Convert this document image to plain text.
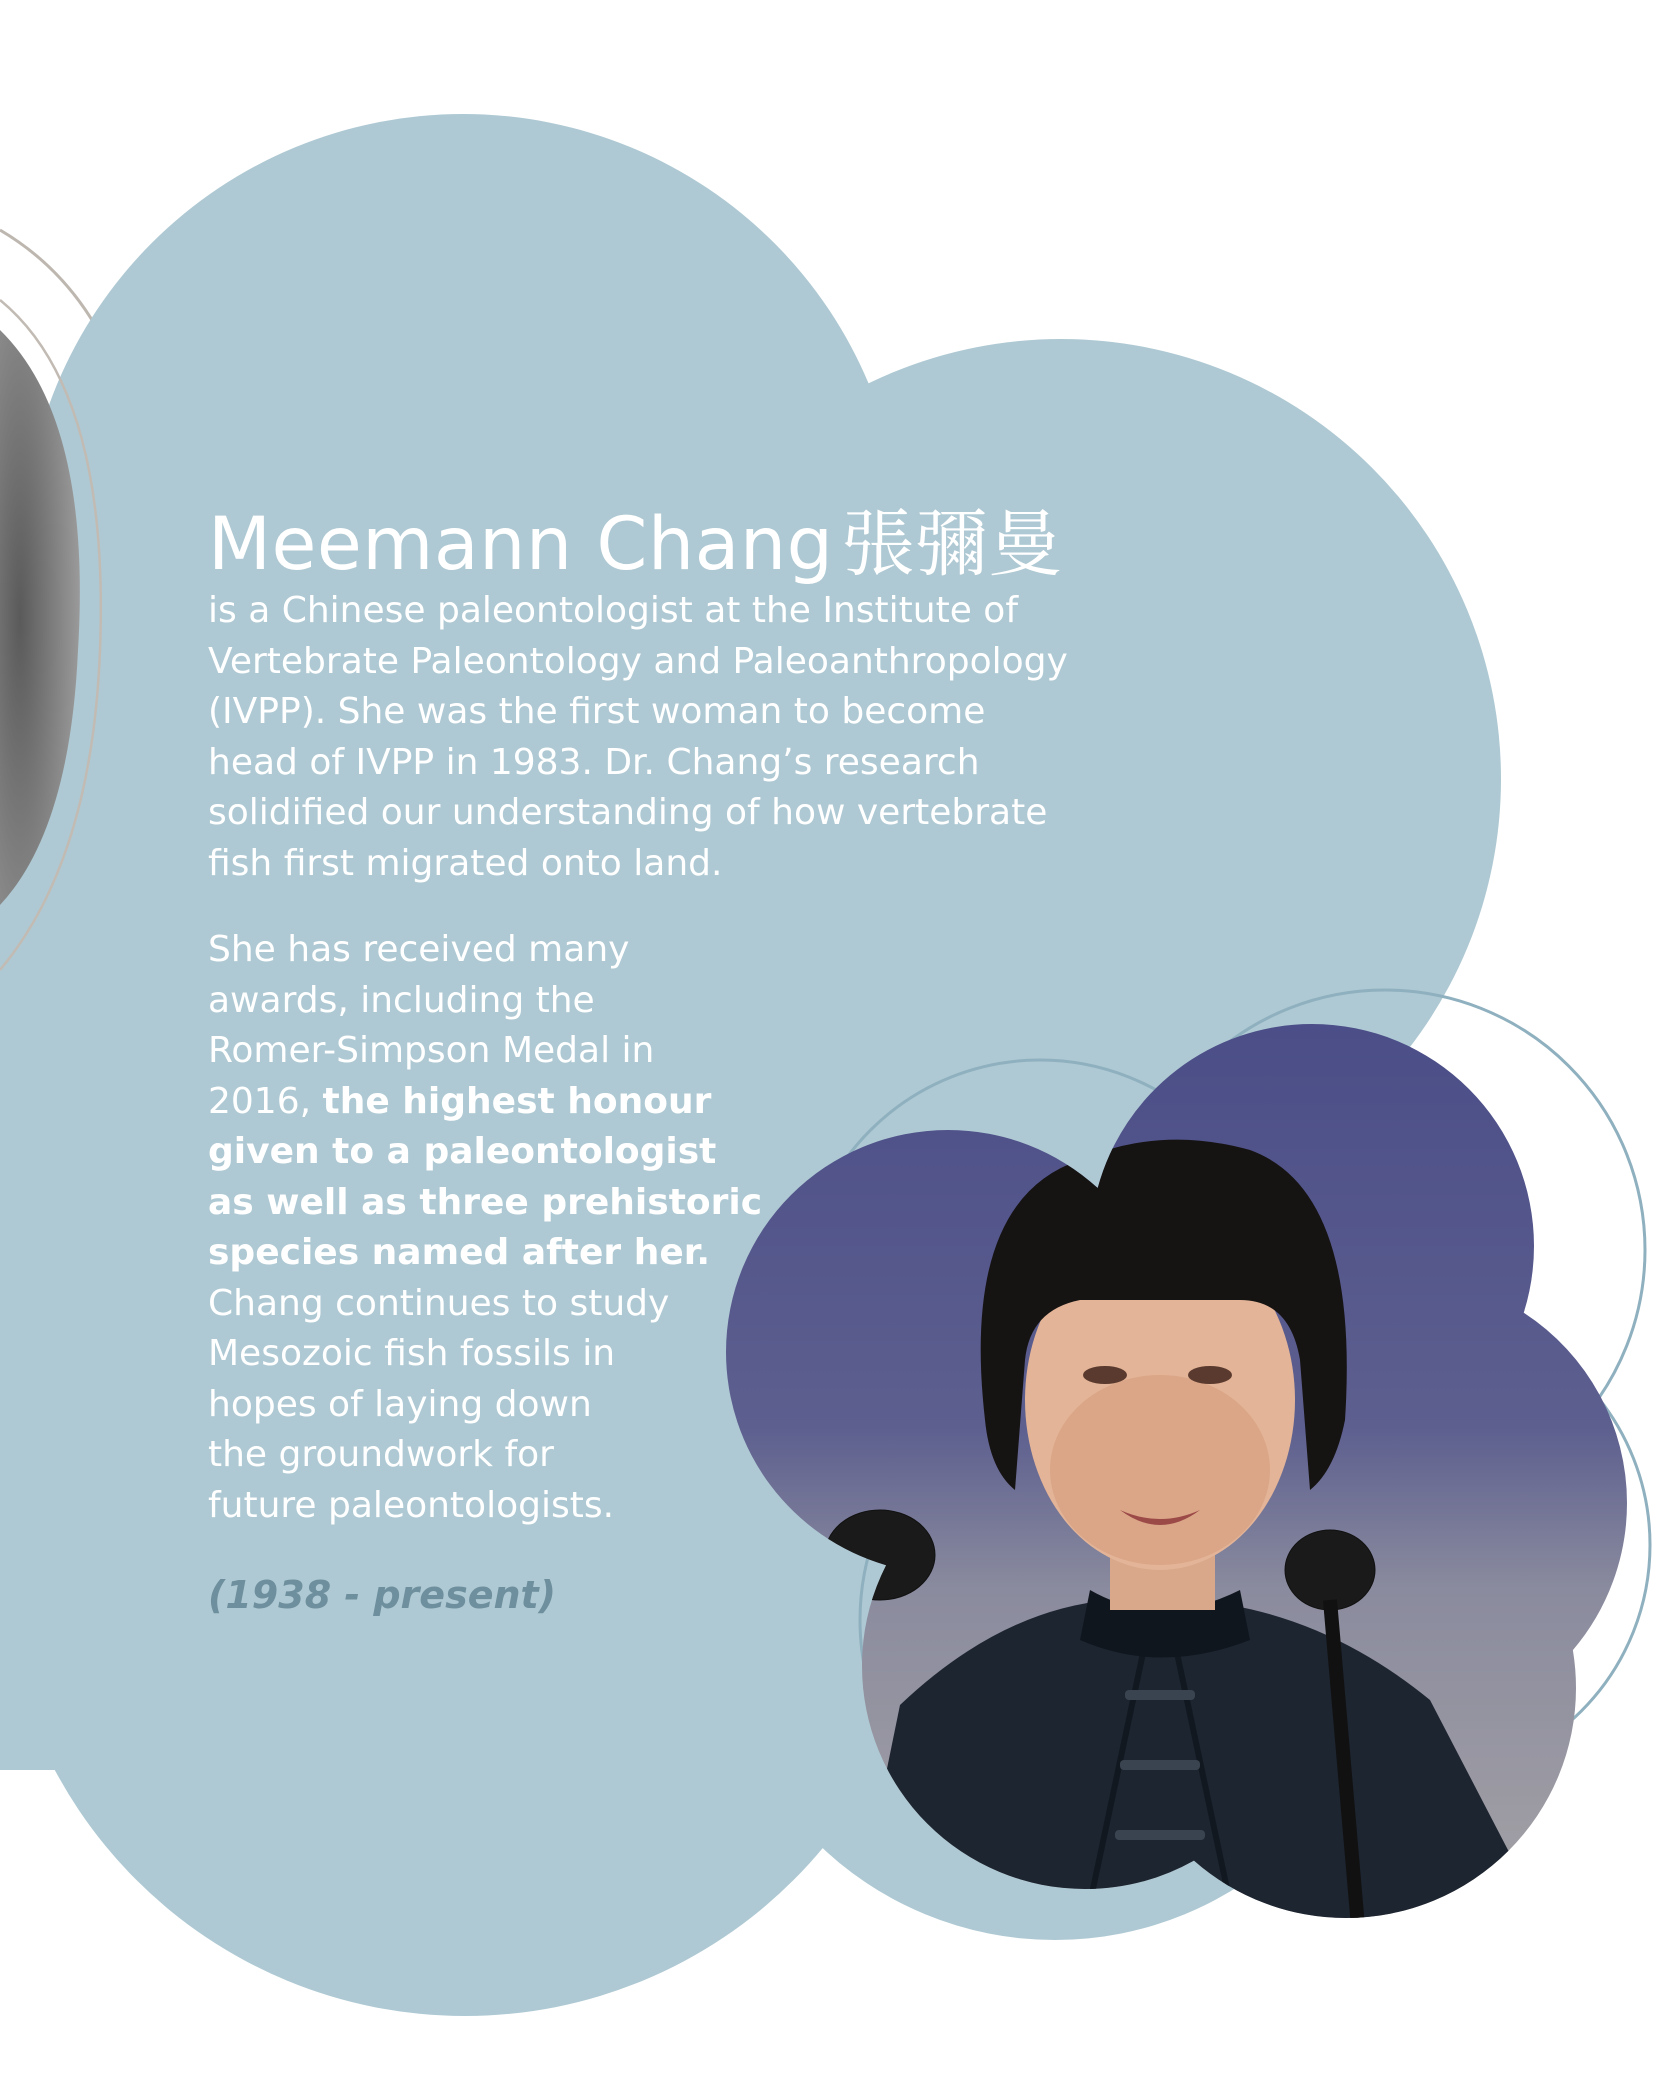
Meemann Chang 張彌曼

is a Chinese paleontologist at the Institute of
Vertebrate Paleontology and Paleoanthropology
(IVPP). She was the first woman to become
head of IVPP in 1983. Dr. Chang’s research
solidified our understanding of how vertebrate
fish first migrated onto land.

She has received many
awards, including the
Romer-Simpson Medal in
2016, the highest honour
given to a paleontologist
as well as three prehistoric
species named after her.
Chang continues to study
Mesozoic fish fossils in
hopes of laying down
the groundwork for
future paleontologists.

(1938 - present)
